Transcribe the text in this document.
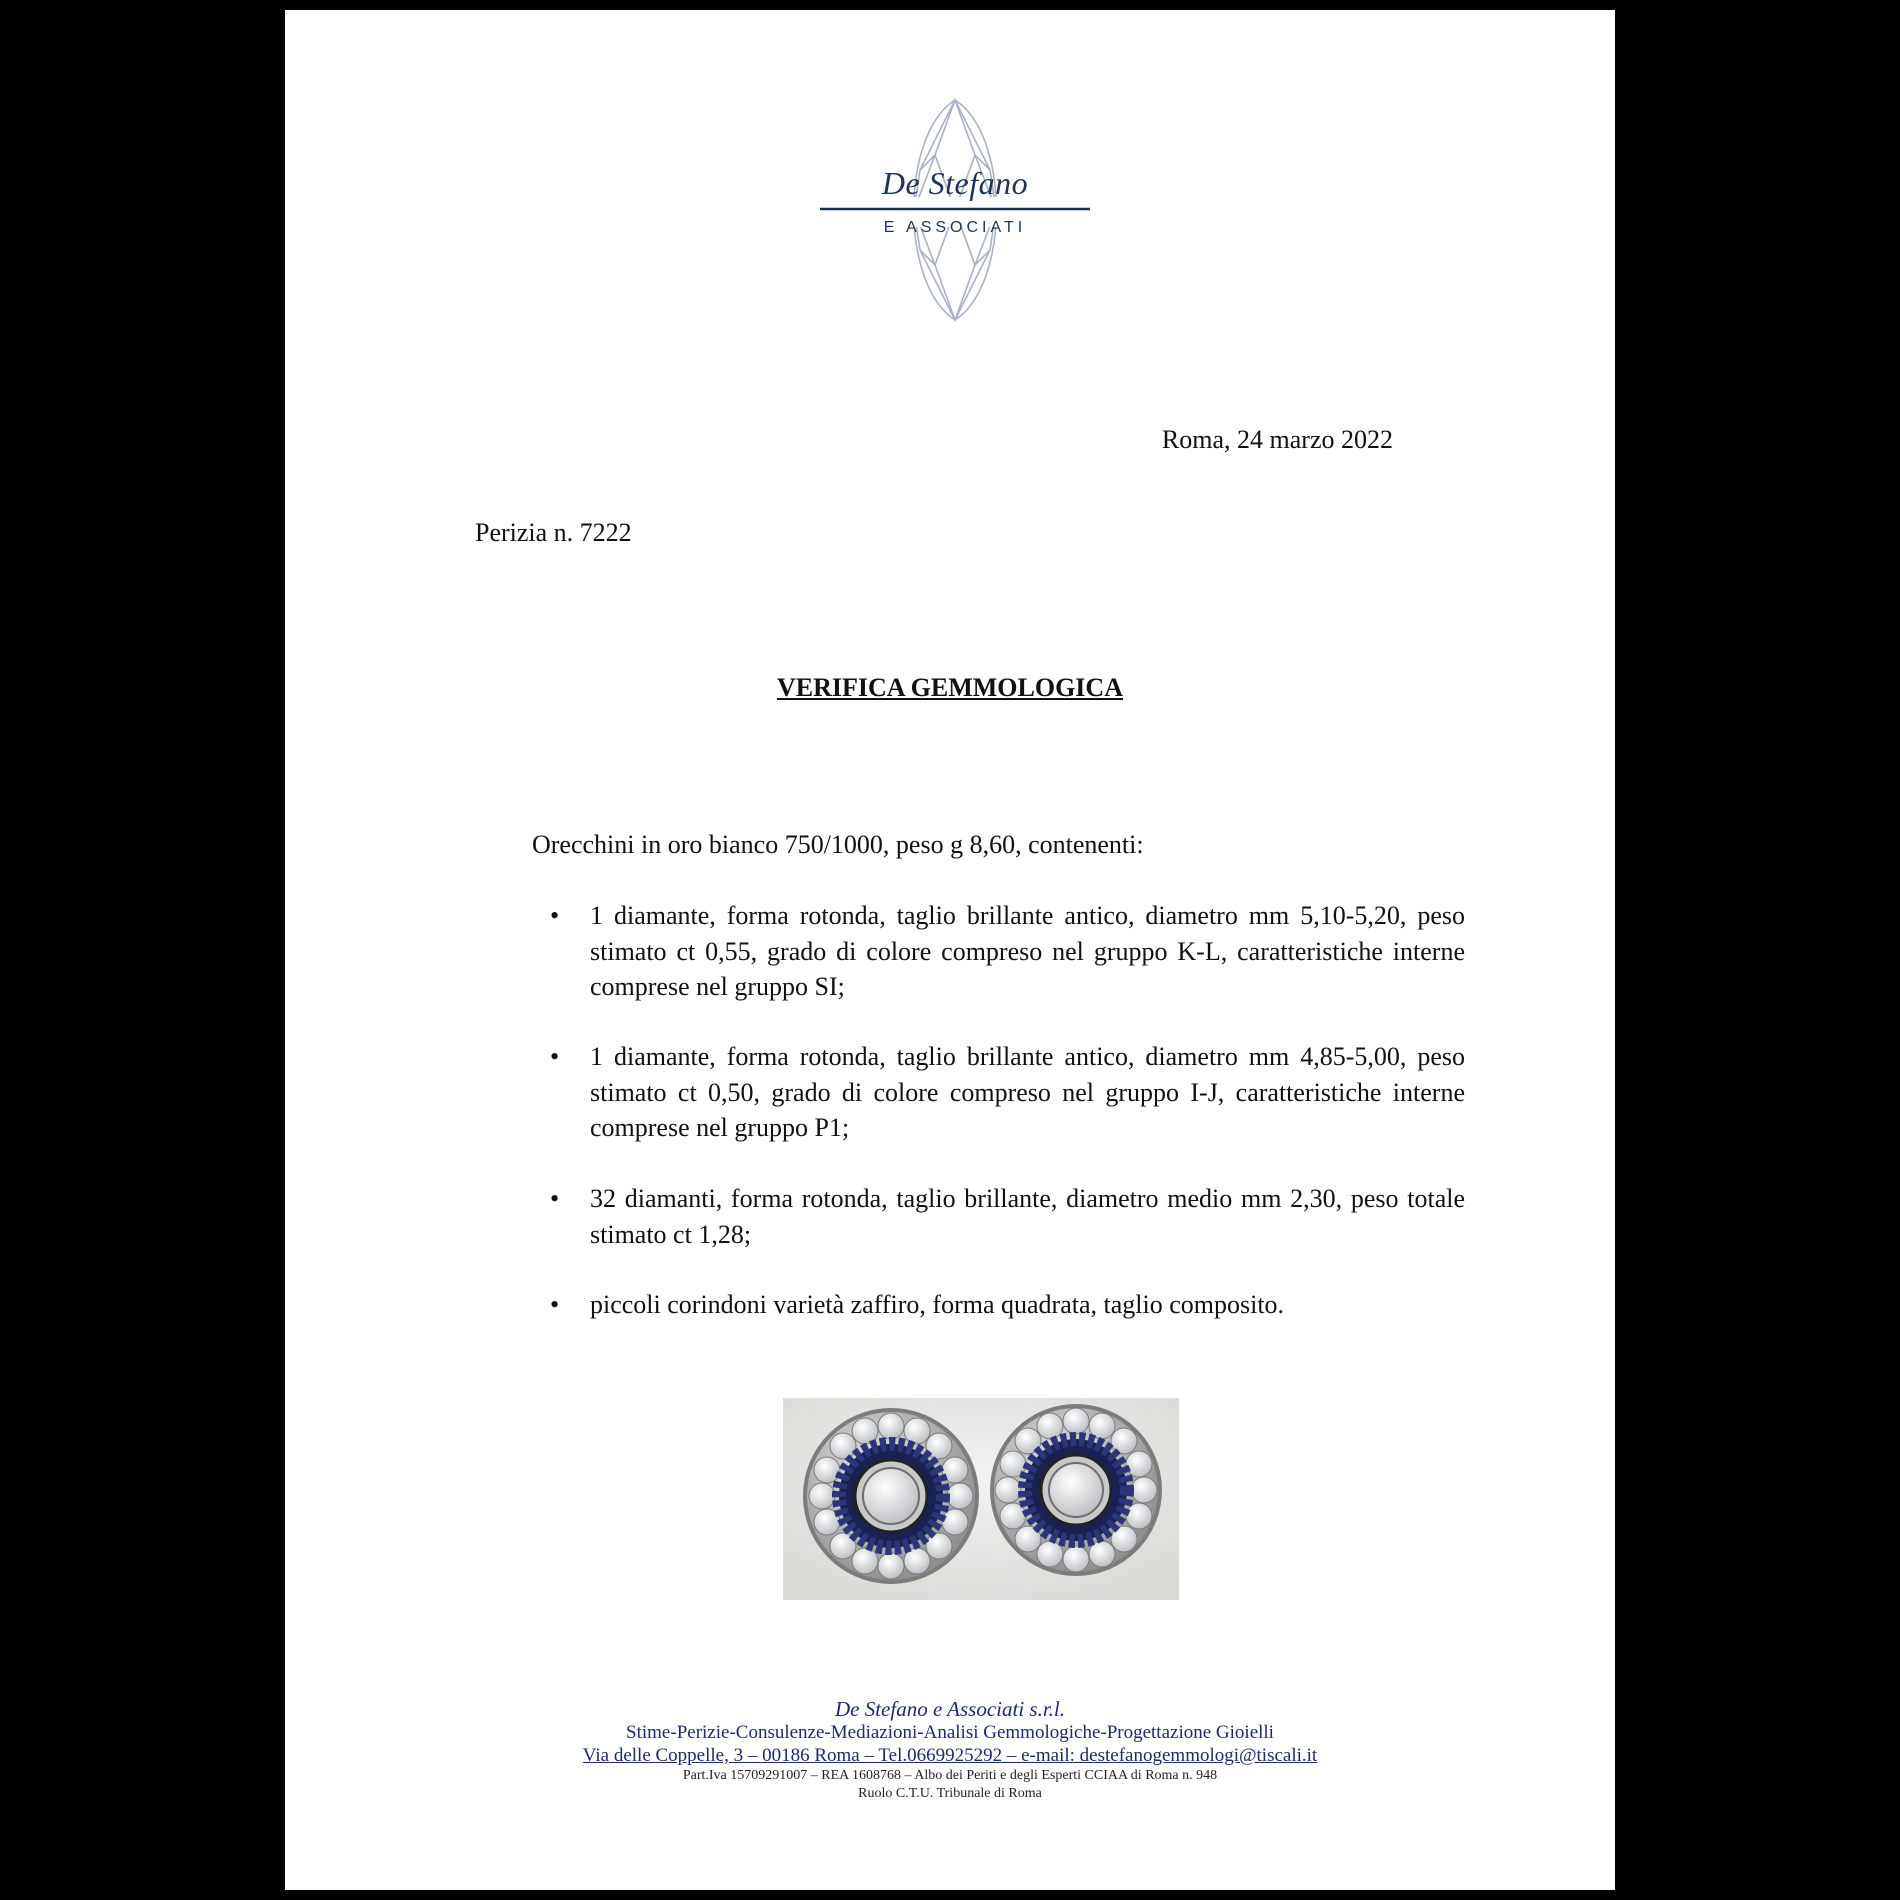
De Stefano
E ASSOCIATI
Roma, 24 marzo 2022
Perizia n. 7222
VERIFICA GEMMOLOGICA
Orecchini in oro bianco 750/1000, peso g 8,60, contenenti:
• 1 diamante, forma rotonda, taglio brillante antico, diametro mm 5,10-5,20, peso stimato ct 0,55, grado di colore compreso nel gruppo K-L, caratteristiche interne comprese nel gruppo SI;
• 1 diamante, forma rotonda, taglio brillante antico, diametro mm 4,85-5,00, peso stimato ct 0,50, grado di colore compreso nel gruppo I-J, caratteristiche interne comprese nel gruppo P1;
• 32 diamanti, forma rotonda, taglio brillante, diametro medio mm 2,30, peso totale stimato ct 1,28;
• piccoli corindoni varietà zaffiro, forma quadrata, taglio composito.
De Stefano e Associati s.r.l.
Stime-Perizie-Consulenze-Mediazioni-Analisi Gemmologiche-Progettazione Gioielli
Via delle Coppelle, 3 – 00186 Roma – Tel.0669925292 – e-mail: destefanogemmologi@tiscali.it
Part.Iva 15709291007 – REA 1608768 – Albo dei Periti e degli Esperti CCIAA di Roma n. 948
Ruolo C.T.U. Tribunale di Roma
